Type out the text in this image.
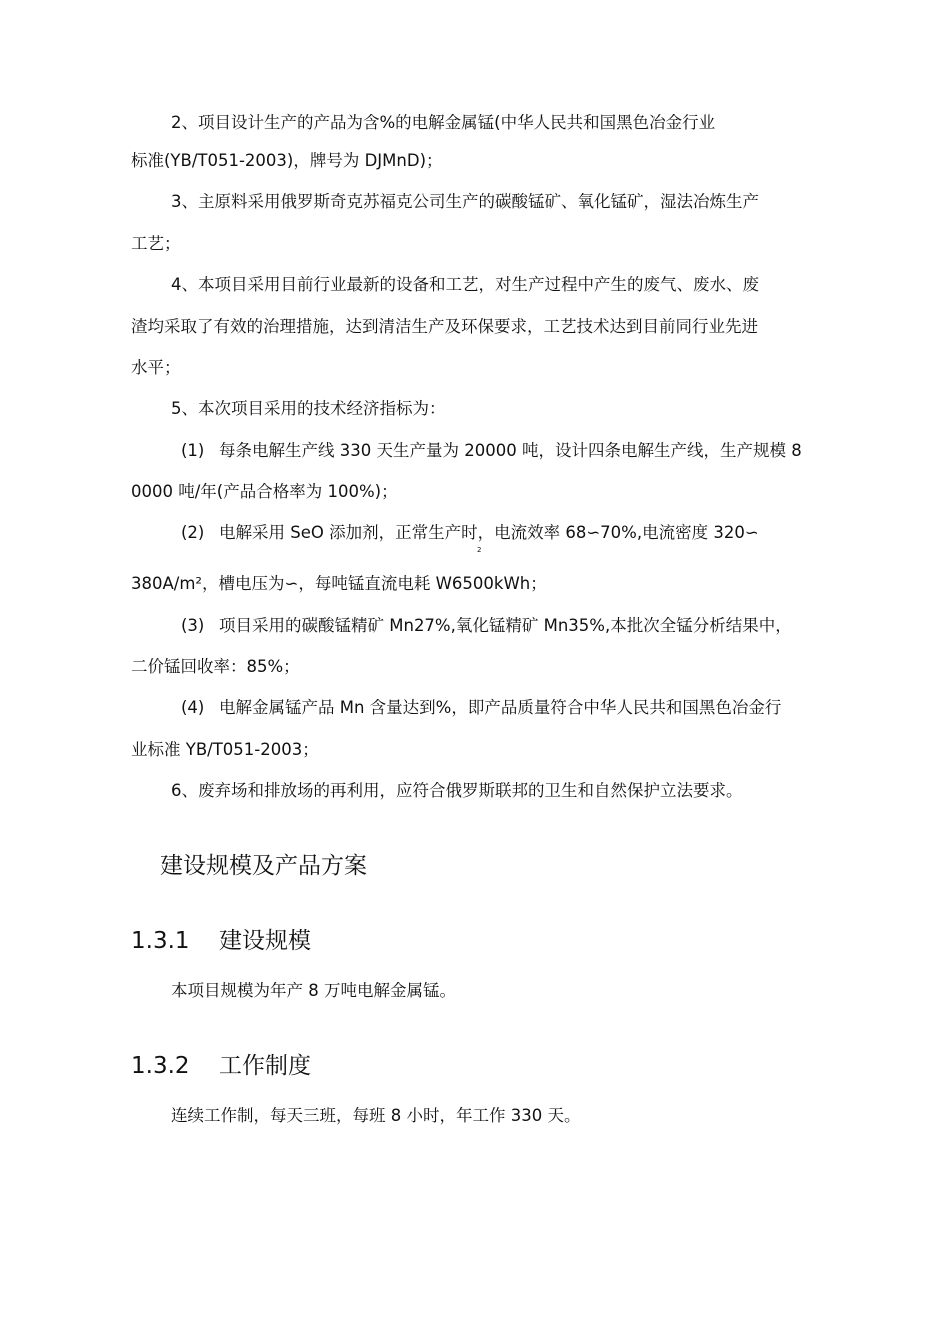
2、项目设计生产的产品为含%的电解金属锰(中华人民共和国黑色冶金行业
标准(YB/T051-2003)，牌号为 DJMnD)；
3、主原料采用俄罗斯奇克苏福克公司生产的碳酸锰矿、氧化锰矿，湿法冶炼生产
工艺；
4、本项目采用目前行业最新的设备和工艺，对生产过程中产生的废气、废水、废
渣均采取了有效的治理措施，达到清洁生产及环保要求，工艺技术达到目前同行业先进
水平；
5、本次项目采用的技术经济指标为：
(1) 每条电解生产线 330 天生产量为 20000 吨，设计四条电解生产线，生产规模 8
0000 吨/年(产品合格率为 100%)；
(2) 电解采用 SeO 添加剂，正常生产时，电流效率 68∽70%,电流密度 320∽
2
380A/m²，槽电压为∽，每吨锰直流电耗 W6500kWh；
(3) 项目采用的碳酸锰精矿 Mn27%,氧化锰精矿 Mn35%,本批次全锰分析结果中，
二价锰回收率：85%；
(4) 电解金属锰产品 Mn 含量达到%，即产品质量符合中华人民共和国黑色冶金行
业标准 YB/T051-2003；
6、废弃场和排放场的再利用，应符合俄罗斯联邦的卫生和自然保护立法要求。
建设规模及产品方案
1.3.1 建设规模
本项目规模为年产 8 万吨电解金属锰。
1.3.2 工作制度
连续工作制，每天三班，每班 8 小时，年工作 330 天。
